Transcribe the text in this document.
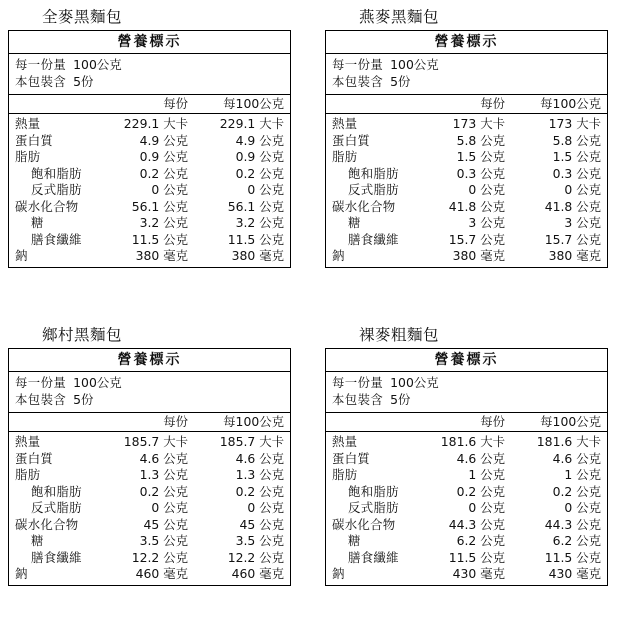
全麥黑麵包
營養標示
每一份量 100公克
本包裝含 5份
每份	每100公克
熱量	229.1 大卡	229.1 大卡
蛋白質	4.9 公克	4.9 公克
脂肪	0.9 公克	0.9 公克
飽和脂肪	0.2 公克	0.2 公克
反式脂肪	0 公克	0 公克
碳水化合物	56.1 公克	56.1 公克
糖	3.2 公克	3.2 公克
膳食纖維	11.5 公克	11.5 公克
鈉	380 毫克	380 毫克
燕麥黑麵包
營養標示
每一份量 100公克
本包裝含 5份
每份	每100公克
熱量	173 大卡	173 大卡
蛋白質	5.8 公克	5.8 公克
脂肪	1.5 公克	1.5 公克
飽和脂肪	0.3 公克	0.3 公克
反式脂肪	0 公克	0 公克
碳水化合物	41.8 公克	41.8 公克
糖	3 公克	3 公克
膳食纖維	15.7 公克	15.7 公克
鈉	380 毫克	380 毫克
鄉村黑麵包
營養標示
每一份量 100公克
本包裝含 5份
每份	每100公克
熱量	185.7 大卡	185.7 大卡
蛋白質	4.6 公克	4.6 公克
脂肪	1.3 公克	1.3 公克
飽和脂肪	0.2 公克	0.2 公克
反式脂肪	0 公克	0 公克
碳水化合物	45 公克	45 公克
糖	3.5 公克	3.5 公克
膳食纖維	12.2 公克	12.2 公克
鈉	460 毫克	460 毫克
裸麥粗麵包
營養標示
每一份量 100公克
本包裝含 5份
每份	每100公克
熱量	181.6 大卡	181.6 大卡
蛋白質	4.6 公克	4.6 公克
脂肪	1 公克	1 公克
飽和脂肪	0.2 公克	0.2 公克
反式脂肪	0 公克	0 公克
碳水化合物	44.3 公克	44.3 公克
糖	6.2 公克	6.2 公克
膳食纖維	11.5 公克	11.5 公克
鈉	430 毫克	430 毫克
